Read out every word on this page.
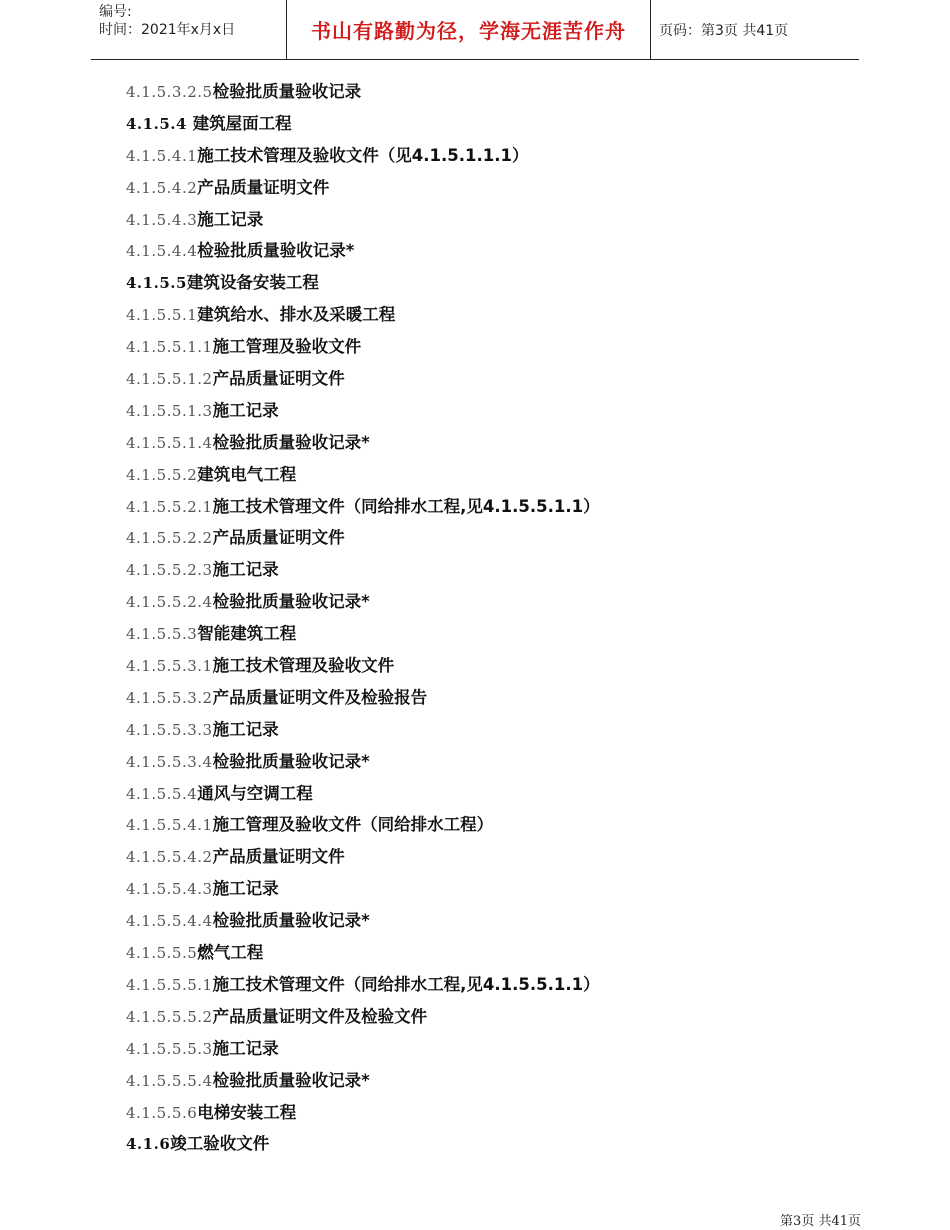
编号:
时间：2021年x月x日	书山有路勤为径，学海无涯苦作舟 页码：第3页 共41页
4.1.5.3.2.5检验批质量验收记录
4.1.5.4 建筑屋面工程
4.1.5.4.1施工技术管理及验收文件（见4.1.5.1.1.1）
4.1.5.4.2产品质量证明文件
4.1.5.4.3施工记录
4.1.5.4.4检验批质量验收记录*
4.1.5.5建筑设备安装工程
4.1.5.5.1建筑给水、排水及采暖工程
4.1.5.5.1.1施工管理及验收文件
4.1.5.5.1.2产品质量证明文件
4.1.5.5.1.3施工记录
4.1.5.5.1.4检验批质量验收记录*
4.1.5.5.2建筑电气工程
4.1.5.5.2.1施工技术管理文件（同给排水工程,见4.1.5.5.1.1）
4.1.5.5.2.2产品质量证明文件
4.1.5.5.2.3施工记录
4.1.5.5.2.4检验批质量验收记录*
4.1.5.5.3智能建筑工程
4.1.5.5.3.1施工技术管理及验收文件
4.1.5.5.3.2产品质量证明文件及检验报告
4.1.5.5.3.3施工记录
4.1.5.5.3.4检验批质量验收记录*
4.1.5.5.4通风与空调工程
4.1.5.5.4.1施工管理及验收文件（同给排水工程）
4.1.5.5.4.2产品质量证明文件
4.1.5.5.4.3施工记录
4.1.5.5.4.4检验批质量验收记录*
4.1.5.5.5燃气工程
4.1.5.5.5.1施工技术管理文件（同给排水工程,见4.1.5.5.1.1）
4.1.5.5.5.2产品质量证明文件及检验文件
4.1.5.5.5.3施工记录
4.1.5.5.5.4检验批质量验收记录*
4.1.5.5.6电梯安装工程
4.1.6竣工验收文件
第3页 共41页
